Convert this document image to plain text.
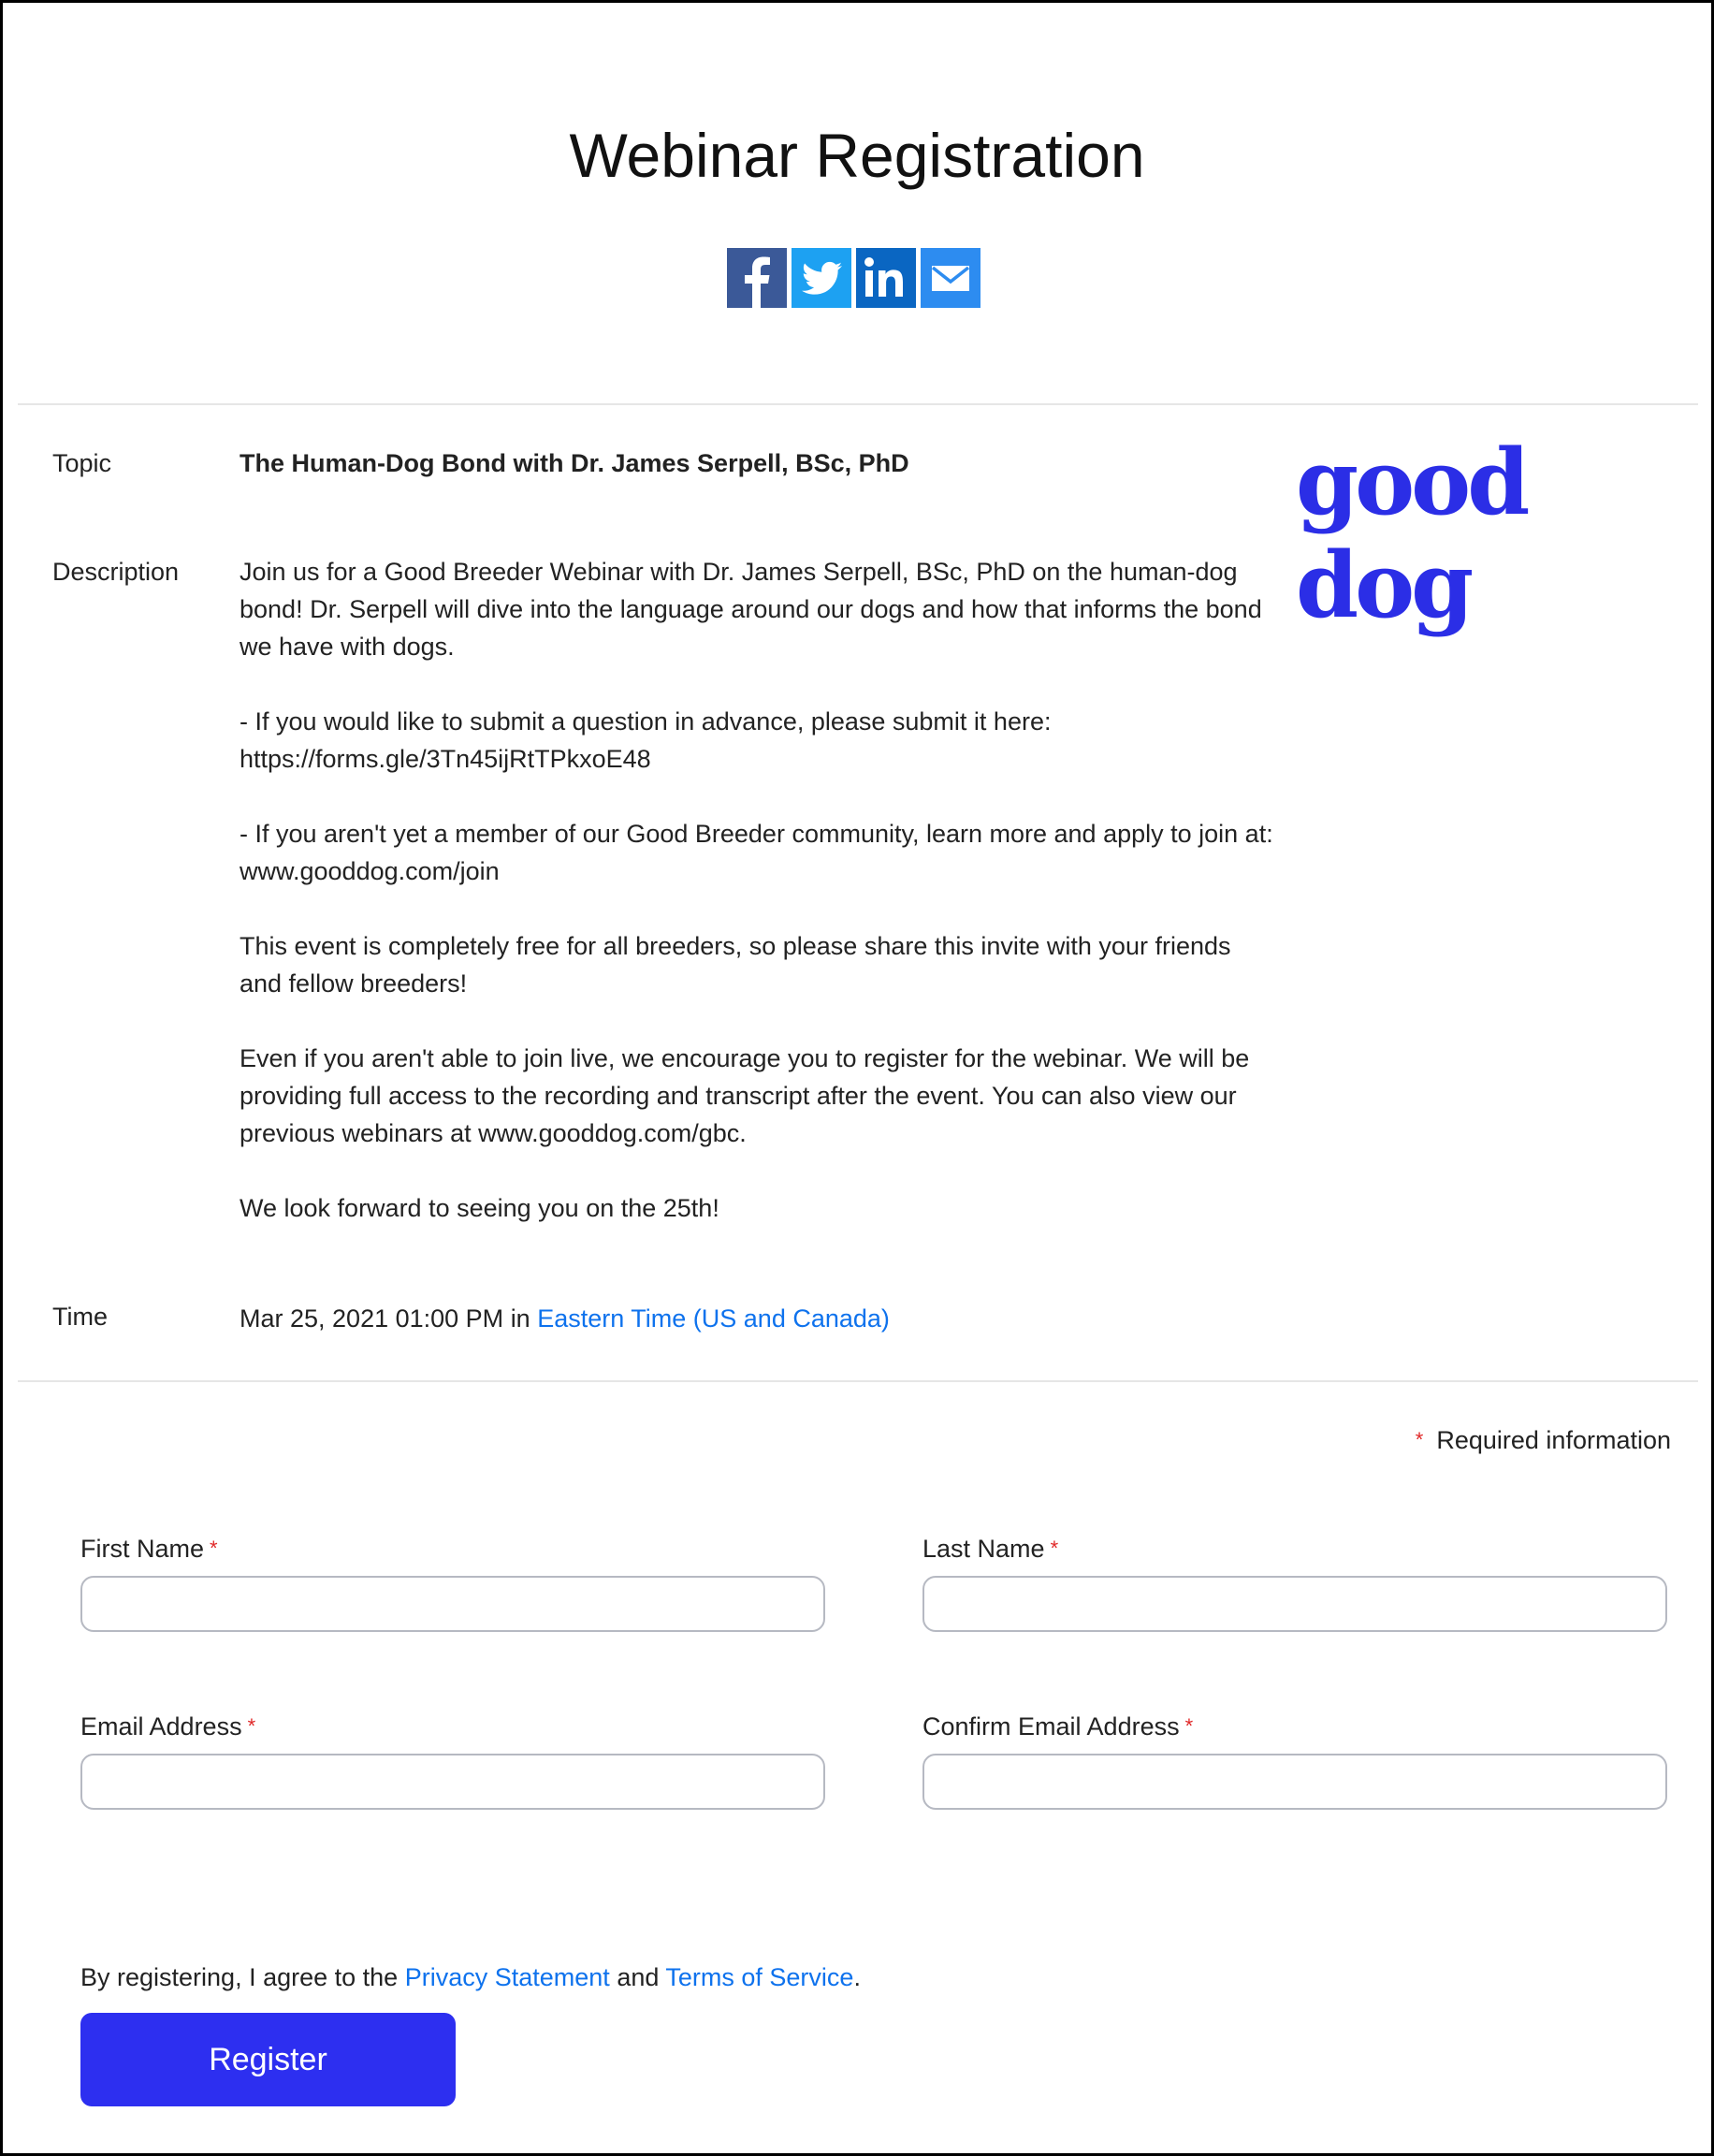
Webinar Registration
Topic	The Human-Dog Bond with Dr. James Serpell, BSc, PhD	good dog
Description Join us for a Good Breeder Webinar with Dr. James Serpell, BSc, PhD on the human-dog bond! Dr. Serpell will dive into the language around our dogs and how that informs the bond we have with dogs.

- If you would like to submit a question in advance, please submit it here: https://forms.gle/3Tn45ijRtTPkxoE48

- If you aren't yet a member of our Good Breeder community, learn more and apply to join at: www.gooddog.com/join

This event is completely free for all breeders, so please share this invite with your friends and fellow breeders!

Even if you aren't able to join live, we encourage you to register for the webinar. We will be providing full access to the recording and transcript after the event. You can also view our previous webinars at www.gooddog.com/gbc.

We look forward to seeing you on the 25th!

Time	Mar 25, 2021 01:00 PM in Eastern Time (US and Canada)
* Required information
First Name *	Last Name *
Email Address *	Confirm Email Address *
By registering, I agree to the Privacy Statement and Terms of Service.
Register
